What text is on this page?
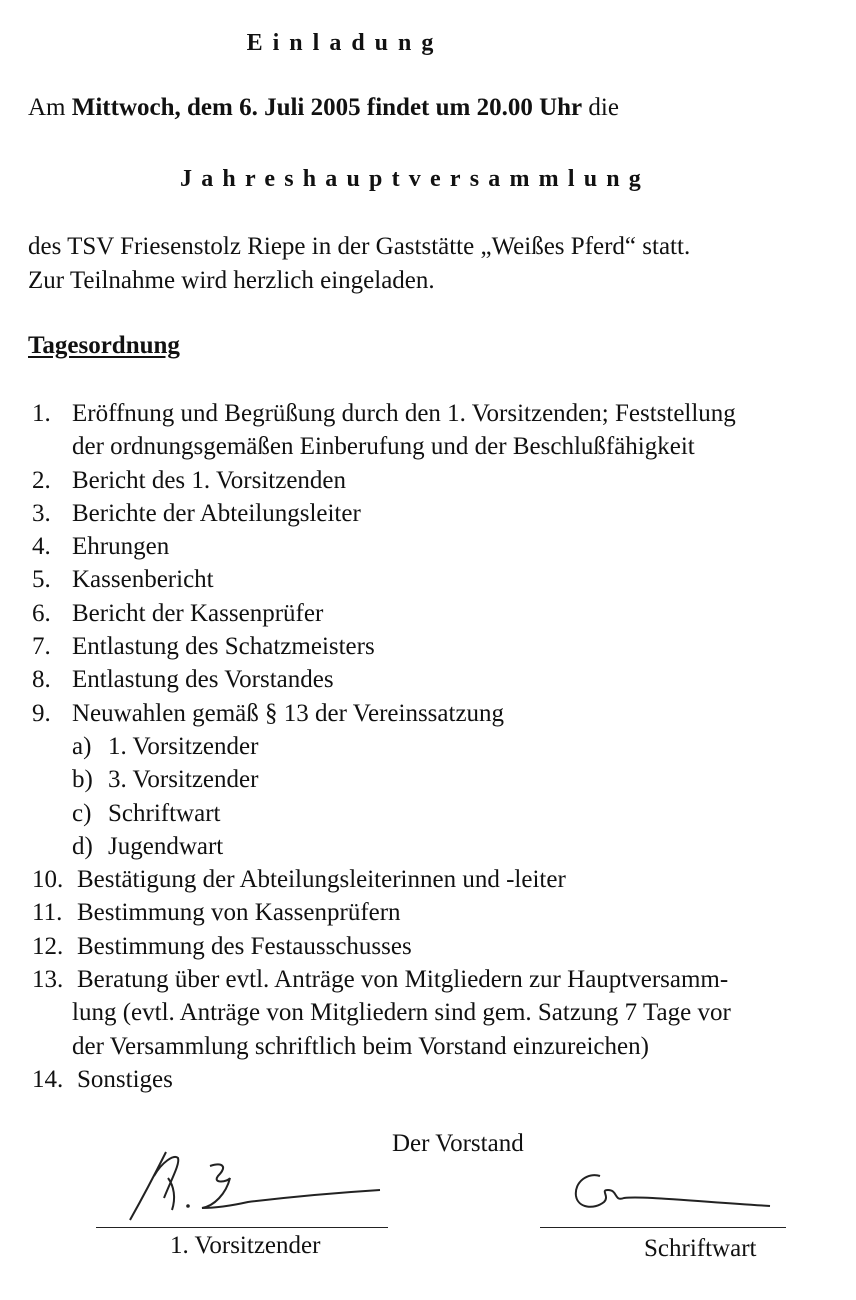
Einladung
Am Mittwoch, dem 6. Juli 2005 findet um 20.00 Uhr die
Jahreshauptversammlung
des TSV Friesenstolz Riepe in der Gaststätte „Weißes Pferd“ statt.
Zur Teilnahme wird herzlich eingeladen.
Tagesordnung
1. Eröffnung und Begrüßung durch den 1. Vorsitzenden; Feststellung
der ordnungsgemäßen Einberufung und der Beschlußfähigkeit
2. Bericht des 1. Vorsitzenden
3. Berichte der Abteilungsleiter
4. Ehrungen
5. Kassenbericht
6. Bericht der Kassenprüfer
7. Entlastung des Schatzmeisters
8. Entlastung des Vorstandes
9. Neuwahlen gemäß § 13 der Vereinssatzung
a) 1. Vorsitzender
b) 3. Vorsitzender
c) Schriftwart
d) Jugendwart
10. Bestätigung der Abteilungsleiterinnen und -leiter
11. Bestimmung von Kassenprüfern
12. Bestimmung des Festausschusses
13. Beratung über evtl. Anträge von Mitgliedern zur Hauptversamm-
lung (evtl. Anträge von Mitgliedern sind gem. Satzung 7 Tage vor
der Versammlung schriftlich beim Vorstand einzureichen)
14. Sonstiges
Der Vorstand
1. Vorsitzender	Schriftwart
